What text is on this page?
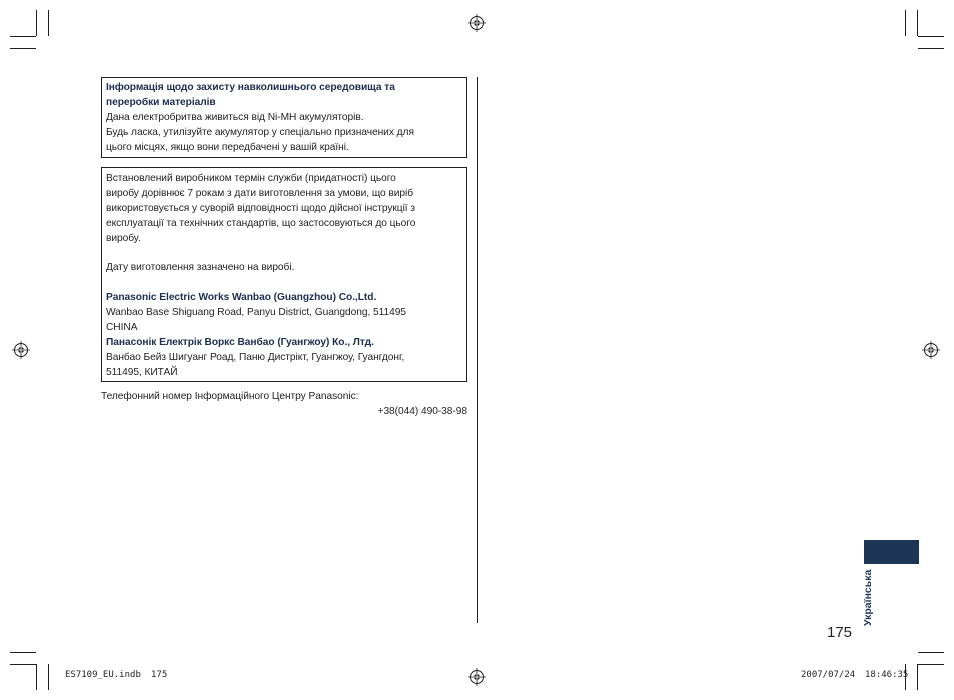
Інформація щодо захисту навколишнього середовища та
переробки матеріалів
Дана електробритва живиться від Ni-MH акумуляторів.
Будь ласка, утилізуйте акумулятор у спеціально призначених для
цього місцях, якщо вони передбачені у вашій країні.
Встановлений виробником термін служби (придатності) цього
виробу дорівнює 7 рокам з дати виготовлення за умови, що виріб
використовується у суворій відповідності щодо дійсної інструкції з
експлуатації та технічних стандартів, що застосовуються до цього
виробу.
Дату виготовлення зазначено на виробі.
Panasonic Electric Works Wanbao (Guangzhou) Co.,Ltd.
Wanbao Base Shiguang Road, Panyu District, Guangdong, 511495
CHINA
Панасонік Електрік Воркс Ванбао (Гуангжоу) Ко., Лтд.
Ванбао Бейз Шигуанг Роад, Паню Дистрікт, Гуангжоу, Гуангдонг,
511495, КИТАЙ
Телефонний номер Інформаційного Центру Panasonic:
+38(044) 490-38-98
Українська
175
ES7109_EU.indb 175	2007/07/24 18:46:35
